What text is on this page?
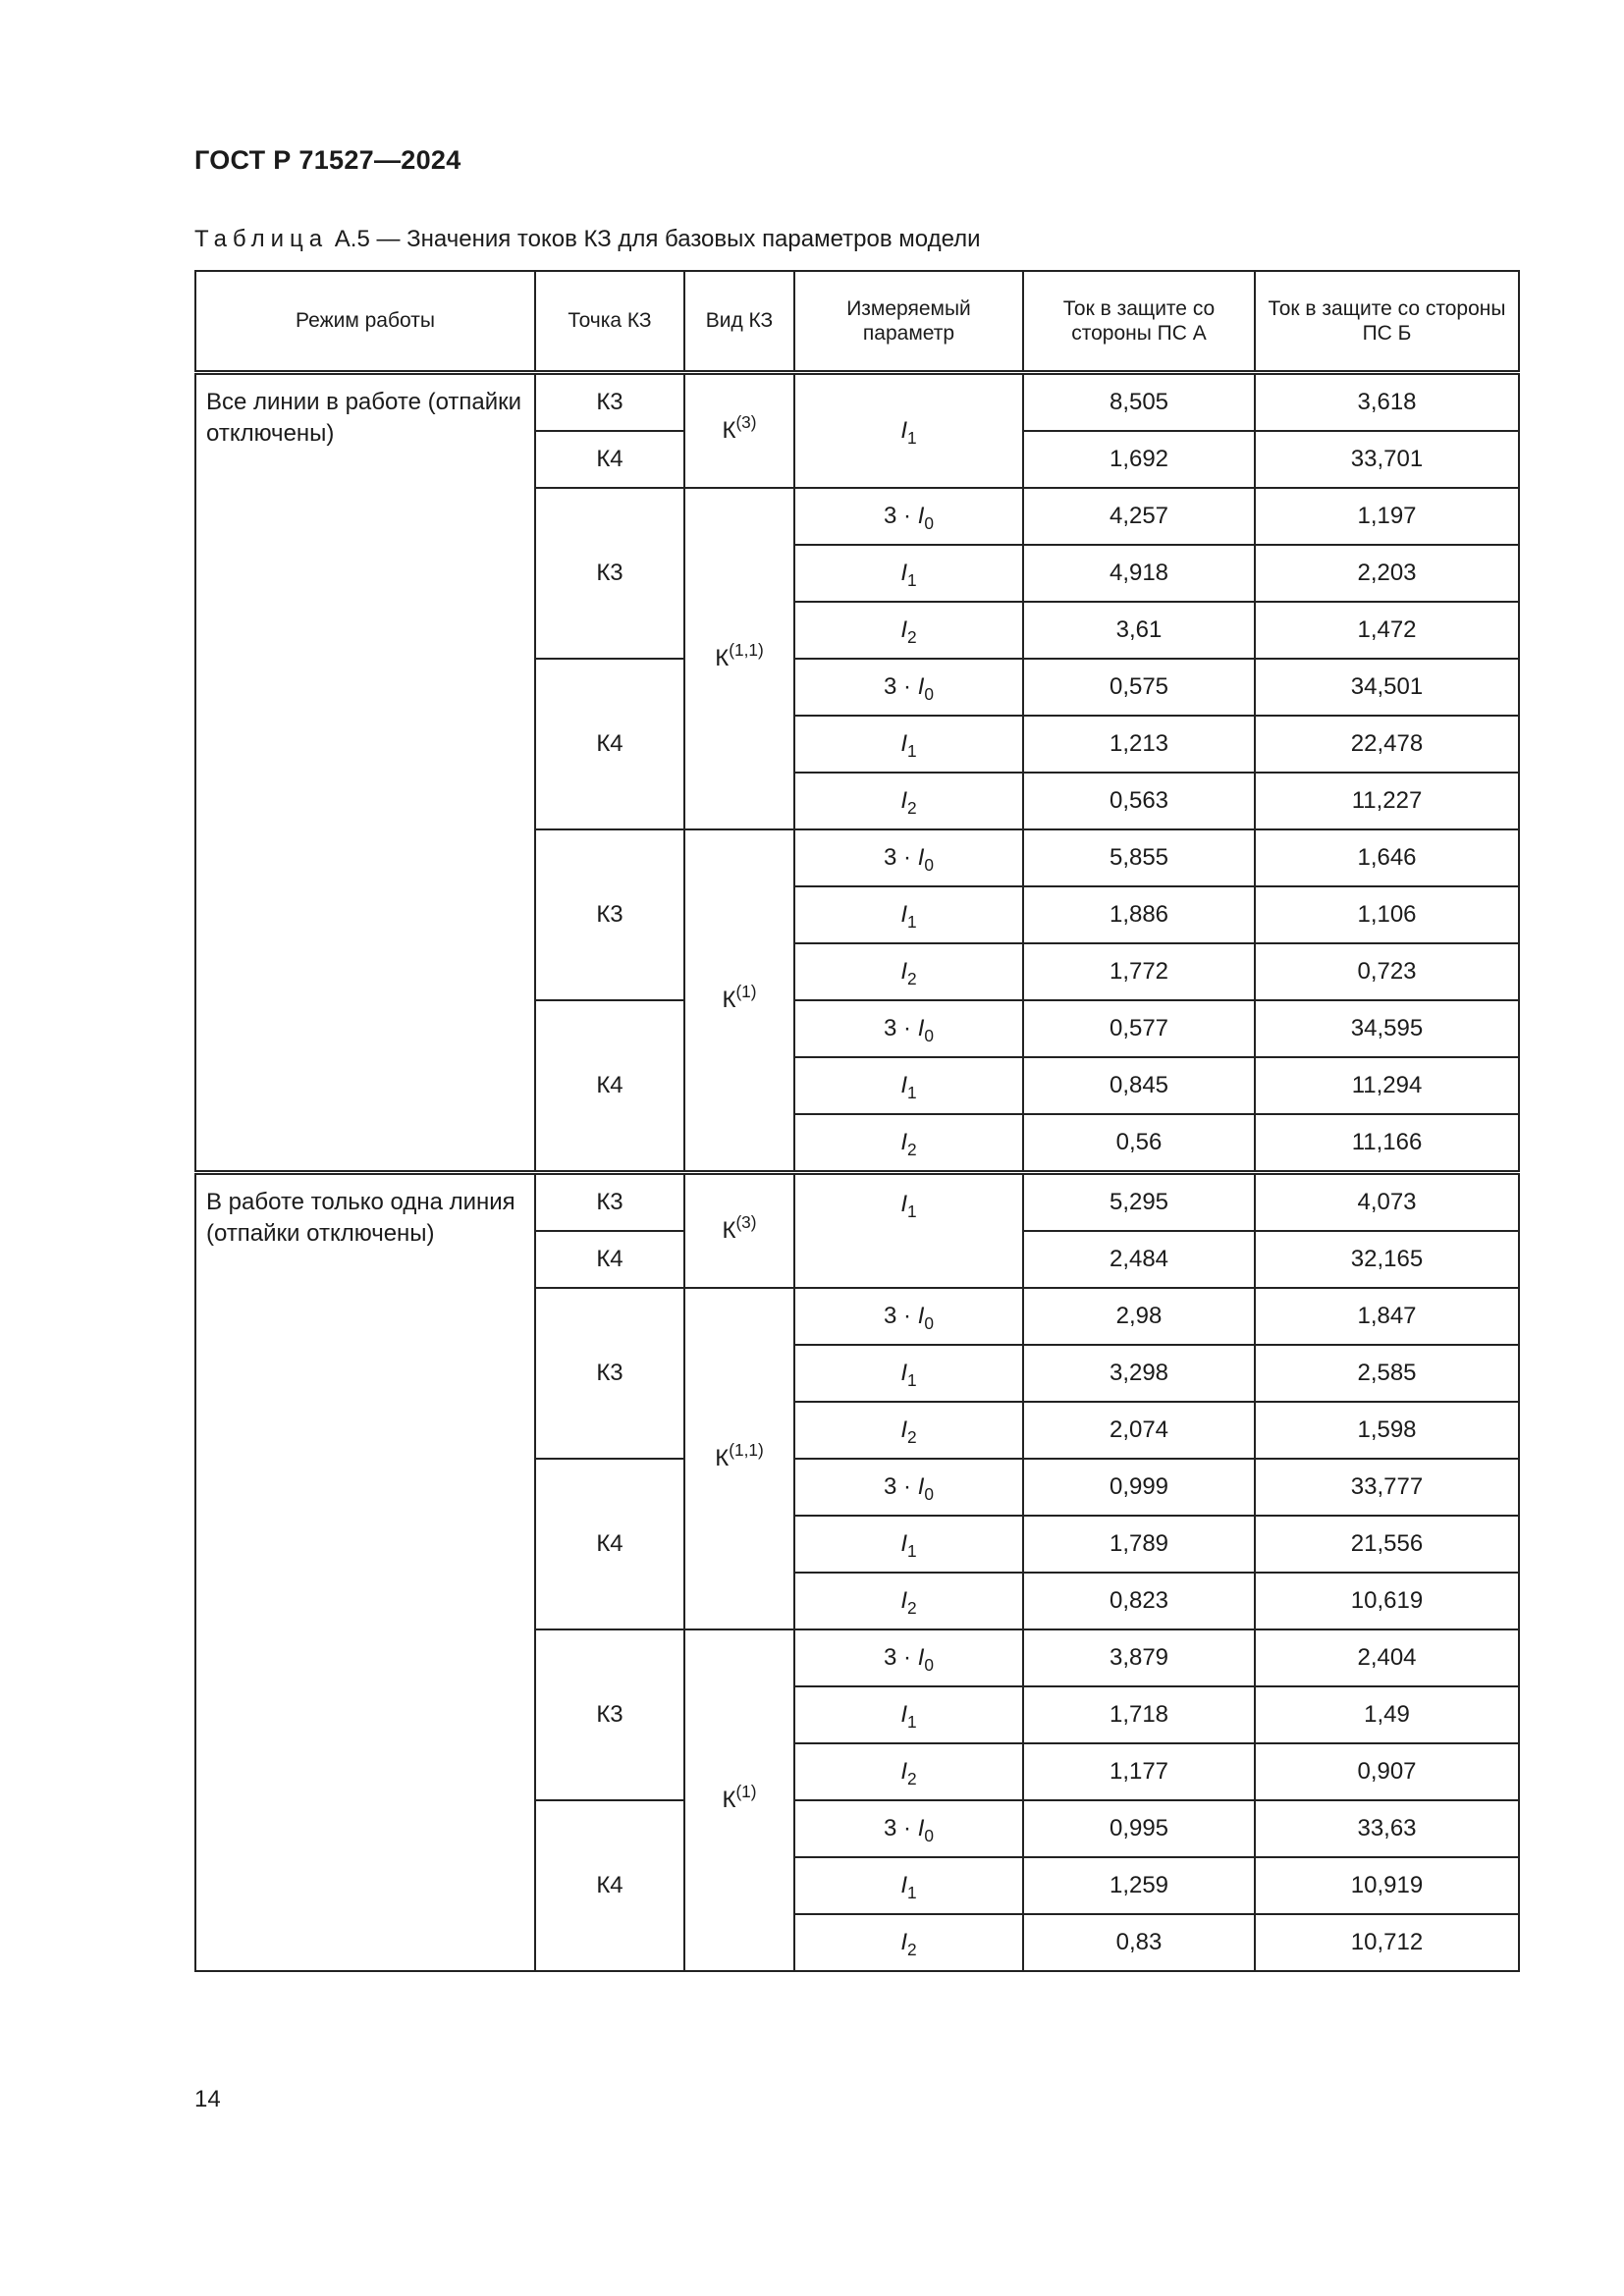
ГОСТ Р 71527—2024
Таблица А.5 — Значения токов КЗ для базовых параметров модели
Режим работы	Точка КЗ	Вид КЗ	Измеряемый параметр	Ток в защите со стороны ПС А	Ток в защите со стороны ПС Б
Все линии в работе (отпайки отключены)	К3	$К^{(3)}$	$I_1$	8,505	3,618
	К4			1,692	33,701
	К3	К$^{(1,1)}$	$3 \cdot I_0$	4,257	1,197
			$I_1$	4,918	2,203
			$I_2$	3,61	1,472
	К4		$3 \cdot I_0$	0,575	34,501
			$I_1$	1,213	22,478
			$I_2$	0,563	11,227
	К3	$К^{(1)}$	$3 \cdot I_0$	5,855	1,646
			$I_1$	1,886	1,106
			$I_2$	1,772	0,723
	К4		$3 \cdot I_0$	0,577	34,595
			$I_1$	0,845	11,294
			$I_2$	0,56	11,166
В работе только одна линия (отпайки отключены)	К3	$К^{(3)}$	$I_1$	5,295	4,073
	К4			2,484	32,165
	К3	К$^{(1,1)}$	$3 \cdot I_0$	2,98	1,847
			$I_1$	3,298	2,585
			$I_2$	2,074	1,598
	К4		$3 \cdot I_0$	0,999	33,777
			$I_1$	1,789	21,556
			$I_2$	0,823	10,619
	К3	$К^{(1)}$	$3 \cdot I_0$	3,879	2,404
			$I_1$	1,718	1,49
			$I_2$	1,177	0,907
	К4		$3 \cdot I_0$	0,995	33,63
			$I_1$	1,259	10,919
			$I_2$	0,83	10,712
14
